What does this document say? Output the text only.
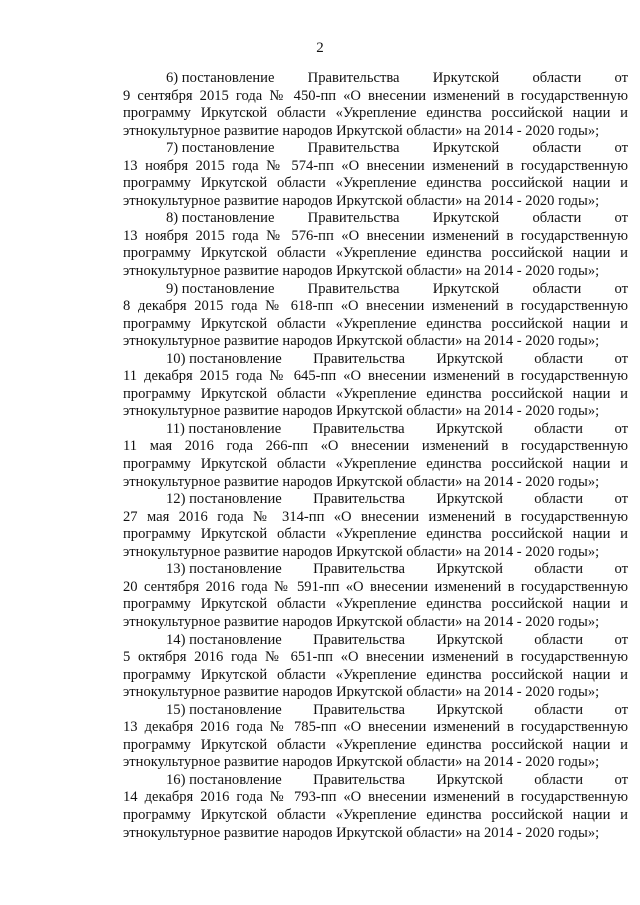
2
6) постановление Правительства Иркутской области от
9 сентября 2015 года № 450-пп «О внесении изменений в государственную
программу Иркутской области «Укрепление единства российской нации и
этнокультурное развитие народов Иркутской области» на 2014 - 2020 годы»;
7) постановление Правительства Иркутской области от
13 ноября 2015 года № 574-пп «О внесении изменений в государственную
программу Иркутской области «Укрепление единства российской нации и
этнокультурное развитие народов Иркутской области» на 2014 - 2020 годы»;
8) постановление Правительства Иркутской области от
13 ноября 2015 года № 576-пп «О внесении изменений в государственную
программу Иркутской области «Укрепление единства российской нации и
этнокультурное развитие народов Иркутской области» на 2014 - 2020 годы»;
9) постановление Правительства Иркутской области от
8 декабря 2015 года № 618-пп «О внесении изменений в государственную
программу Иркутской области «Укрепление единства российской нации и
этнокультурное развитие народов Иркутской области» на 2014 - 2020 годы»;
10) постановление Правительства Иркутской области от
11 декабря 2015 года № 645-пп «О внесении изменений в государственную
программу Иркутской области «Укрепление единства российской нации и
этнокультурное развитие народов Иркутской области» на 2014 - 2020 годы»;
11) постановление Правительства Иркутской области от
11 мая 2016 года 266-пп «О внесении изменений в государственную
программу Иркутской области «Укрепление единства российской нации и
этнокультурное развитие народов Иркутской области» на 2014 - 2020 годы»;
12) постановление Правительства Иркутской области от
27 мая 2016 года № 314-пп «О внесении изменений в государственную
программу Иркутской области «Укрепление единства российской нации и
этнокультурное развитие народов Иркутской области» на 2014 - 2020 годы»;
13) постановление Правительства Иркутской области от
20 сентября 2016 года № 591-пп «О внесении изменений в государственную
программу Иркутской области «Укрепление единства российской нации и
этнокультурное развитие народов Иркутской области» на 2014 - 2020 годы»;
14) постановление Правительства Иркутской области от
5 октября 2016 года № 651-пп «О внесении изменений в государственную
программу Иркутской области «Укрепление единства российской нации и
этнокультурное развитие народов Иркутской области» на 2014 - 2020 годы»;
15) постановление Правительства Иркутской области от
13 декабря 2016 года № 785-пп «О внесении изменений в государственную
программу Иркутской области «Укрепление единства российской нации и
этнокультурное развитие народов Иркутской области» на 2014 - 2020 годы»;
16) постановление Правительства Иркутской области от
14 декабря 2016 года № 793-пп «О внесении изменений в государственную
программу Иркутской области «Укрепление единства российской нации и
этнокультурное развитие народов Иркутской области» на 2014 - 2020 годы»;
